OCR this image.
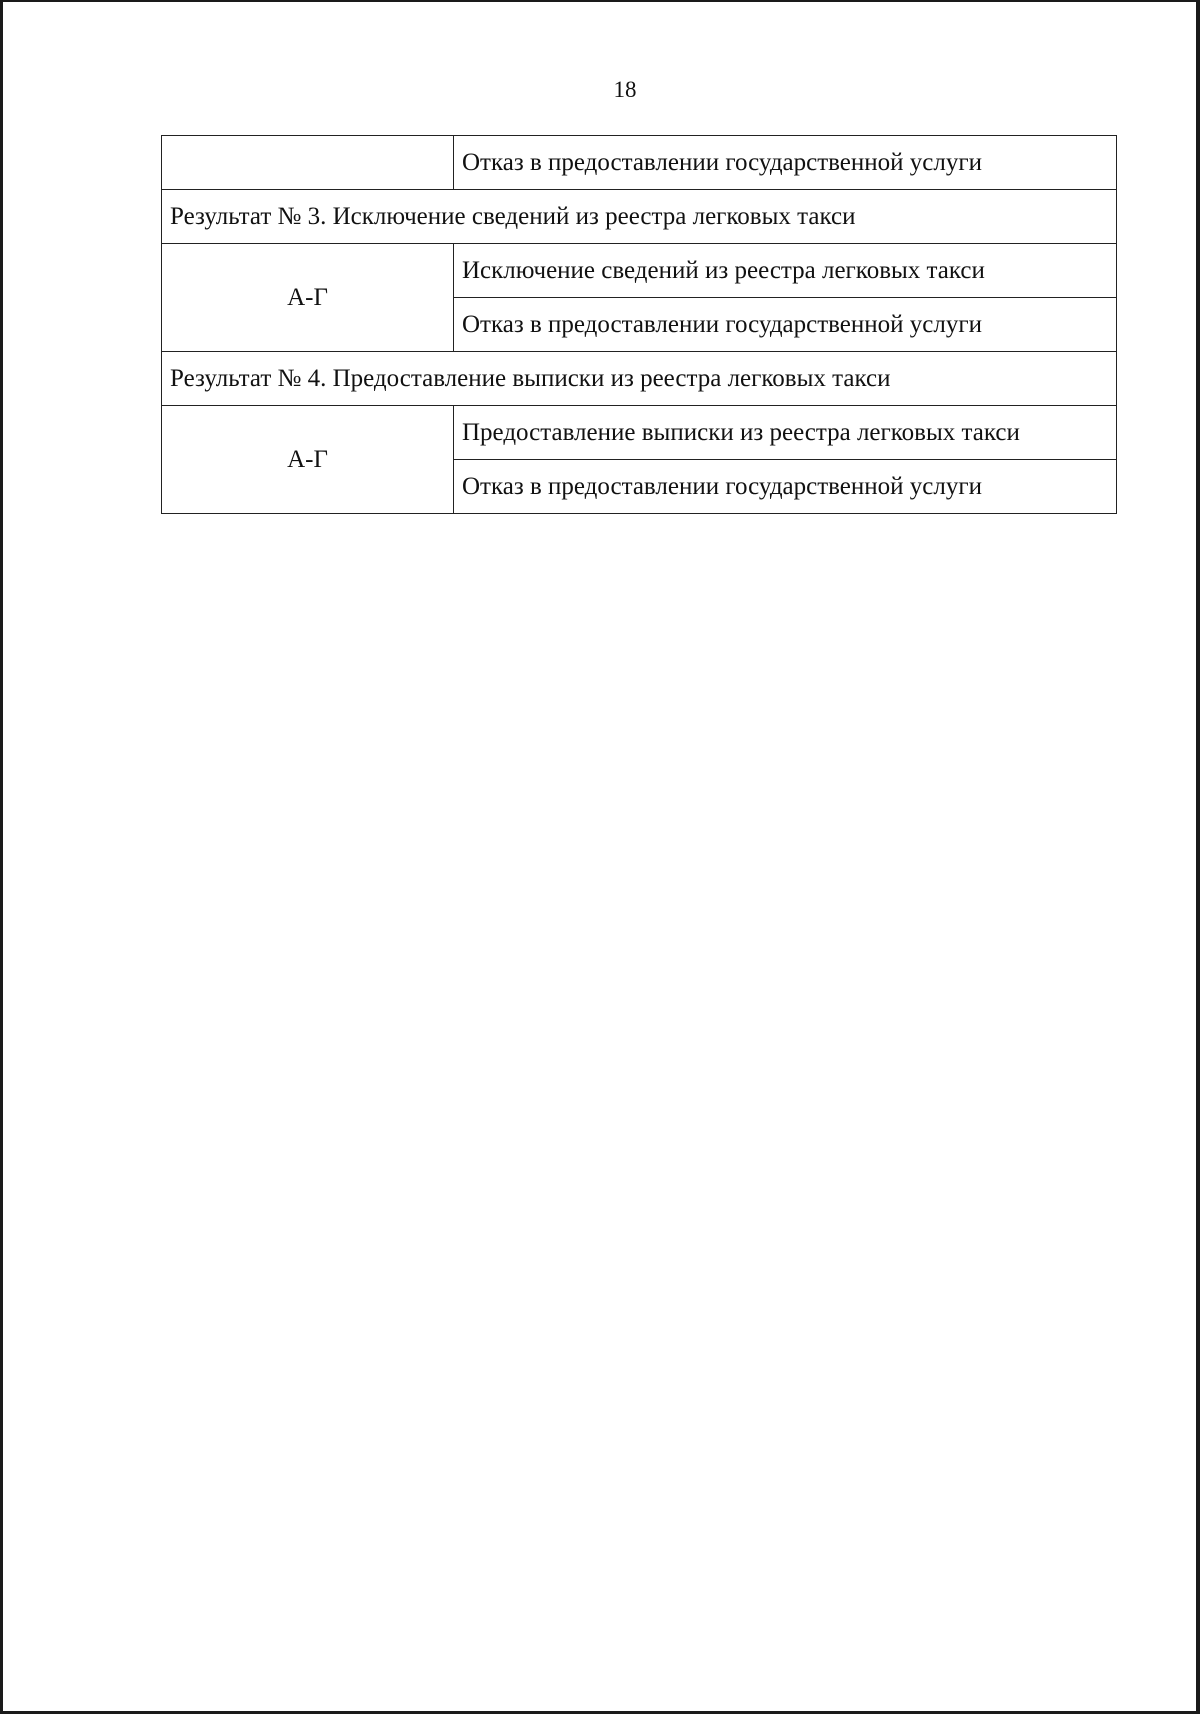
18
	Отказ в предоставлении государственной услуги
Результат № 3. Исключение сведений из реестра легковых такси	
А-Г	Исключение сведений из реестра легковых такси
	Отказ в предоставлении государственной услуги
Результат № 4. Предоставление выписки из реестра легковых такси	
А-Г	Предоставление выписки из реестра легковых такси
	Отказ в предоставлении государственной услуги
